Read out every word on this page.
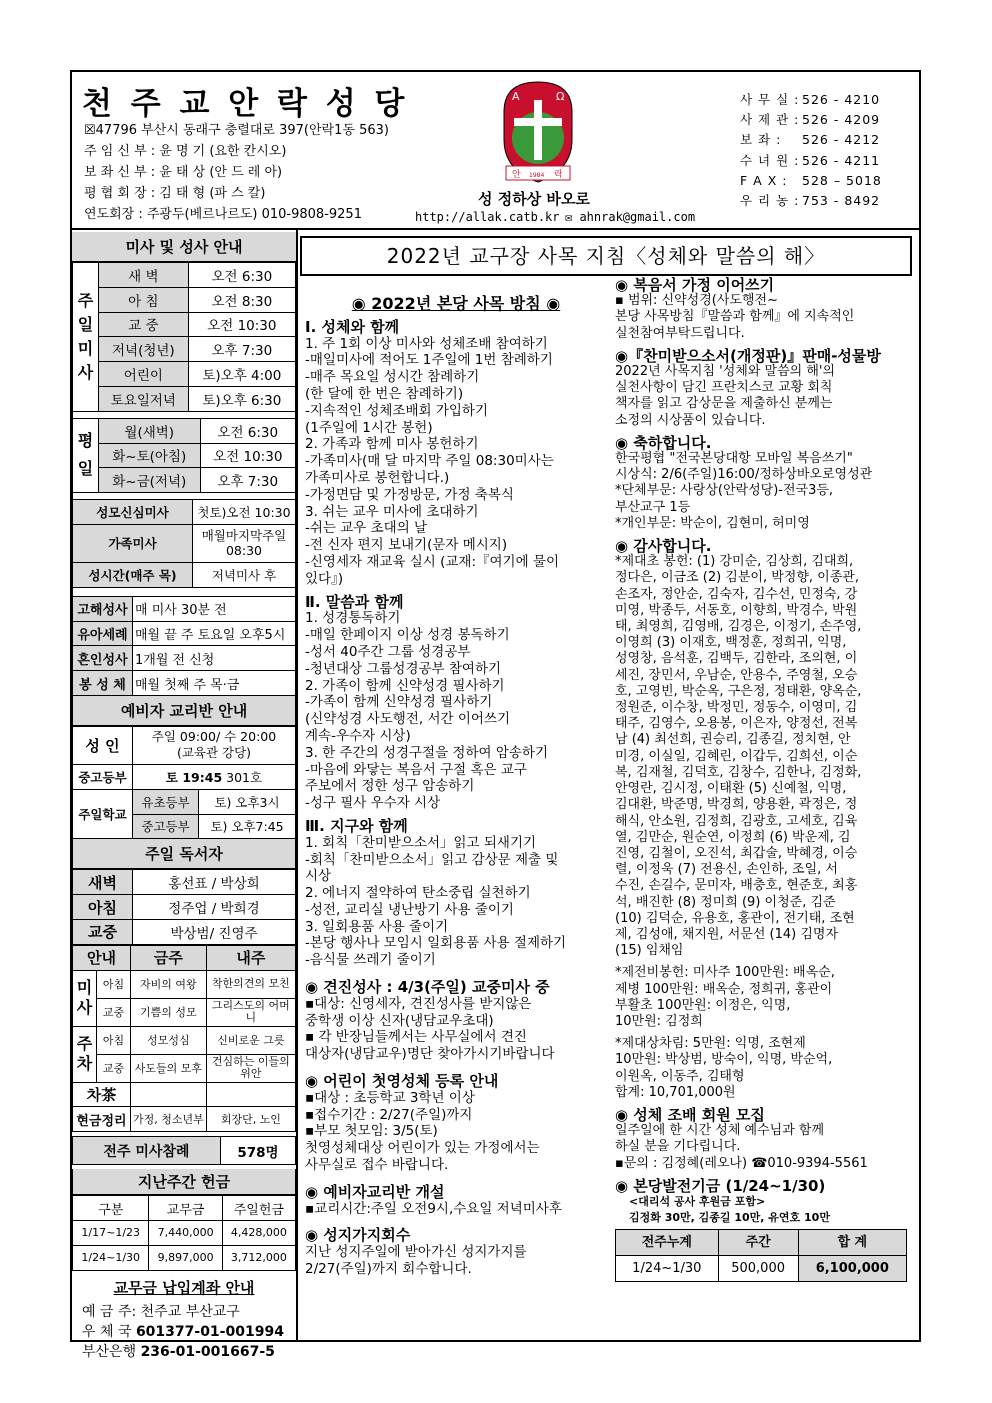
천 주 교 안 락 성 당
☒47796 부산시 동래구 충렬대로 397(안락1동 563)
주 임 신 부 : 윤 명 기 (요한 칸시오)
보 좌 신 부 : 윤 태 상 (안 드 레 아)
평 협 회 장 : 김 태 형 (파 스 칼)
연도회장 : 주광두(베르나르도) 010-9808-9251
A	Ω
안 1984 락
성 정하상 바오로
http://allak.catb.kr ✉ ahnrak@gmail.com
사 무 실 : 526 - 4210
사 제 관 : 526 - 4209
보 좌 : 526 - 4212
수 녀 원 : 526 - 4211
F A X : 528 – 5018
우 리 농 : 753 - 8492
미사 및 성사 안내
주
일
미
사	새 벽	오전 6:30
	아 침	오전 8:30
	교 중	오전 10:30
	저녁(청년)	오후 7:30
	어린이	토)오후 4:00
	토요일저녁	토)오후 6:30
평
일	월(새벽)	오전 6:30
	화~토(아침)	오전 10:30
	화~금(저녁)	오후 7:30
성모신심미사	첫토)오전 10:30
가족미사	매월마지막주일 08:30
성시간(매주 목)	저녁미사 후
고해성사	매 미사 30분 전
유아세례	매월 끝 주 토요일 오후5시
혼인성사	1개월 전 신청
봉 성 체	매월 첫째 주 목·금
예비자 교리반 안내
성 인	주일 09:00/ 수 20:00
(교육관 강당)	
중고등부	토 19:45 301호	
주일학교	유초등부	토) 오후3시
	중고등부	토) 오후7:45
주일 독서자
새벽	홍선표 / 박상희
아침	정주업 / 박희경
교중	박상범/ 진영주
안내		금주	내주
미
사	아침	자비의 여왕	착한의견의 모친
	교중	기쁨의 성모	그리스도의 어머니
주
차	아침	성모성심	신비로운 그릇
	교중	사도들의 모후	건심하는 이들의 위안
차茶			
현금정리		가정, 청소년부	회장단, 노인
전주 미사참례	578명
지난주간 헌금
구분	교무금	주일헌금
1/17~1/23	7,440,000	4,428,000
1/24~1/30	9,897,000	3,712,000
교무금 납입계좌 안내
예 금 주: 천주교 부산교구
우 체 국 601377-01-001994
부산은행 236-01-001667-5
2022년 교구장 사목 지침〈성체와 말씀의 해〉
◉ 2022년 본당 사목 방침 ◉
Ⅰ. 성체와 함께

1. 주 1회 이상 미사와 성체조배 참여하기

-매일미사에 적어도 1주일에 1번 참례하기

-매주 목요일 성시간 참례하기

(한 달에 한 번은 참례하기)

-지속적인 성체조배회 가입하기

(1주일에 1시간 봉헌)

2. 가족과 함께 미사 봉헌하기

-가족미사(매 달 마지막 주일 08:30미사는

가족미사로 봉헌합니다.)

-가정면담 및 가정방문, 가정 축복식

3. 쉬는 교우 미사에 초대하기

-쉬는 교우 초대의 날

-전 신자 편지 보내기(문자 메시지)

-신영세자 재교육 실시 (교재:『여기에 물이

있다』)

Ⅱ. 말씀과 함께

1. 성경통독하기

-매일 한페이지 이상 성경 봉독하기

-성서 40주간 그룹 성경공부

-청년대상 그룹성경공부 참여하기

2. 가족이 함께 신약성경 필사하기

-가족이 함께 신약성경 필사하기

(신약성경 사도행전, 서간 이어쓰기

계속-우수자 시상)

3. 한 주간의 성경구절을 정하여 암송하기

-마음에 와닿는 복음서 구절 혹은 교구

주보에서 정한 성구 암송하기

-성구 필사 우수자 시상

Ⅲ. 지구와 함께

1. 회칙「찬미받으소서」읽고 되새기기

-회칙「찬미받으소서」읽고 감상문 제출 및

시상

2. 에너지 절약하여 탄소중립 실천하기

-성전, 교리실 냉난방기 사용 줄이기

3. 일회용품 사용 줄이기

-본당 행사나 모임시 일회용품 사용 절제하기

-음식물 쓰레기 줄이기

◉ 견진성사 : 4/3(주일) 교중미사 중

▪대상: 신영세자, 견진성사를 받지않은

중학생 이상 신자(냉담교우초대)

▪ 각 반장님들께서는 사무실에서 견진

대상자(냉담교우)명단 찾아가시기바랍니다

◉ 어린이 첫영성체 등록 안내

▪대상 : 초등학교 3학년 이상

▪접수기간 : 2/27(주일)까지

▪부모 첫모임: 3/5(토)

첫영성체대상 어린이가 있는 가정에서는

사무실로 접수 바랍니다.

◉ 예비자교리반 개설

▪교리시간:주일 오전9시,수요일 저녁미사후

◉ 성지가지회수

지난 성지주일에 받아가신 성지가지를

2/27(주일)까지 회수합니다.

◉ 복음서 가정 이어쓰기

▪ 범위: 신약성경(사도행전~

본당 사목방침『말씀과 함께』에 지속적인

실천참여부탁드립니다.

◉『찬미받으소서(개정판)』판매-성물방

2022년 사목지침 '성체와 말씀의 해'의

실천사항이 담긴 프란치스코 교황 회칙

책자를 읽고 감상문을 제출하신 분께는

소정의 시상품이 있습니다.

◉ 축하합니다.

한국평협 "전국본당대항 모바일 복음쓰기"

시상식: 2/6(주일)16:00/정하상바오로영성관

*단체부문: 사랑상(안락성당)-전국3등,

부산교구 1등

*개인부문: 박순이, 김현미, 허미영

◉ 감사합니다.

*제대초 봉헌: (1) 강미순, 김상희, 김대희,

정다은, 이금조 (2) 김분이, 박정향, 이종관,

손조자, 정안순, 김숙자, 김수선, 민정숙, 강

미영, 박종두, 서동호, 이향희, 박경수, 박원

태, 최영희, 김영배, 김경은, 이정기, 손주영,

이영희 (3) 이재호, 백정훈, 정희귀, 익명,

성영창, 음석훈, 김백두, 김한라, 조의현, 이

세진, 장민서, 우남순, 안용수, 주영철, 오승

호, 고영빈, 박순옥, 구은정, 정태환, 양옥순,

정원준, 이수창, 박정민, 정동수, 이영미, 김

태주, 김영수, 오용봉, 이은자, 양정선, 전복

남 (4) 최선희, 권승리, 김종길, 정치현, 안

미경, 이실일, 김혜린, 이갑두, 김희선, 이순

복, 김재철, 김덕호, 김창수, 김한나, 김정화,

안영란, 김시정, 이태환 (5) 신예철, 익명,

김대환, 박준명, 박경희, 양용환, 곽정은, 정

해식, 안소원, 김정희, 김광호, 고세호, 김육

열, 김만순, 원순연, 이정희 (6) 박운제, 김

진영, 김철이, 오진석, 최갑술, 박혜경, 이승

렬, 이정욱 (7) 전용신, 손인하, 조일, 서

수진, 손길수, 문미자, 배충호, 현준호, 최홍

석, 배진한 (8) 정미희 (9) 이청준, 김준

(10) 김덕순, 유용호, 홍관이, 전기태, 조현

제, 김성애, 채지원, 서문선 (14) 김명자

(15) 임채임

*제전비봉헌: 미사주 100만원: 배옥순,

제병 100만원: 배옥순, 정희귀, 홍관이

부활초 100만원: 이정은, 익명,

10만원: 김정희

*제대상차림: 5만원: 익명, 조현제

10만원: 박상범, 방숙이, 익명, 박순억,

이원옥, 이동주, 김태형

합계: 10,701,000원

◉ 성체 조배 회원 모집

일주일에 한 시간 성체 예수님과 함께

하실 분을 기다립니다.

▪문의 : 김정혜(레오나) ☎010-9394-5561

◉ 본당발전기금 (1/24~1/30)
<대리석 공사 후원금 포함>
김정화 30만, 김종길 10만, 유연호 10만
전주누계	주간	합 계
1/24~1/30	500,000	6,100,000
